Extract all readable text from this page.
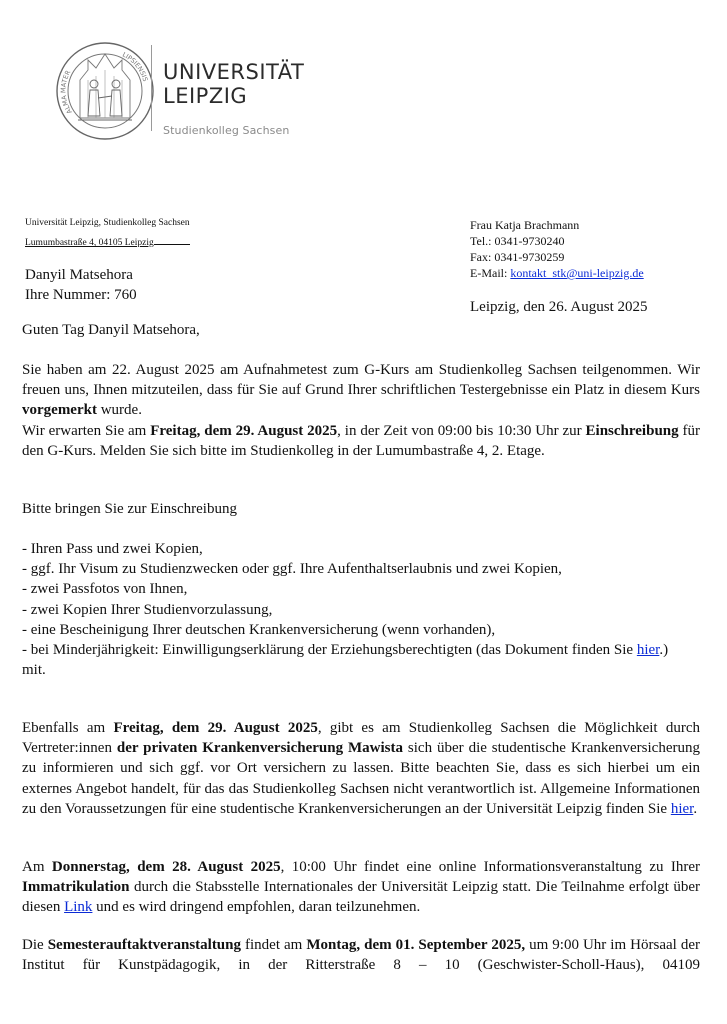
ALMA MATER
LIPSIENSIS UNIVERSITÄT
LEIPZIG
Studienkolleg Sachsen
Universität Leipzig, Studienkolleg Sachsen
Lumumbastraße 4, 04105 Leipzig
Danyil Matsehora
Ihre Nummer: 760
Frau Katja Brachmann
Tel.: 0341-9730240
Fax: 0341-9730259
E-Mail: kontakt_stk@uni-leipzig.de
Leipzig, den 26. August 2025
Guten Tag Danyil Matsehora,

Sie haben am 22. August 2025 am Aufnahmetest zum G-Kurs am Studienkolleg Sachsen teilgenommen. Wir freuen uns, Ihnen mitzuteilen, dass für Sie auf Grund Ihrer schriftlichen Testergebnisse ein Platz in diesem Kurs vorgemerkt wurde.

Wir erwarten Sie am Freitag, dem 29. August 2025, in der Zeit von 09:00 bis 10:30 Uhr zur Einschreibung für den G-Kurs. Melden Sie sich bitte im Studienkolleg in der Lumumbastraße 4, 2. Etage.

Bitte bringen Sie zur Einschreibung

- Ihren Pass und zwei Kopien,

- ggf. Ihr Visum zu Studienzwecken oder ggf. Ihre Aufenthaltserlaubnis und zwei Kopien,

- zwei Passfotos von Ihnen,

- zwei Kopien Ihrer Studienvorzulassung,

- eine Bescheinigung Ihrer deutschen Krankenversicherung (wenn vorhanden),

- bei Minderjährigkeit: Einwilligungserklärung der Erziehungsberechtigten (das Dokument finden Sie hier.)

mit.

Ebenfalls am Freitag, dem 29. August 2025, gibt es am Studienkolleg Sachsen die Möglichkeit durch Vertreter:innen der privaten Krankenversicherung Mawista sich über die studentische Krankenversicherung zu informieren und sich ggf. vor Ort versichern zu lassen. Bitte beachten Sie, dass es sich hierbei um ein externes Angebot handelt, für das das Studienkolleg Sachsen nicht verantwortlich ist. Allgemeine Informationen zu den Voraussetzungen für eine studentische Krankenversicherungen an der Universität Leipzig finden Sie hier.

Am Donnerstag, dem 28. August 2025, 10:00 Uhr findet eine online Informationsveranstaltung zu Ihrer Immatrikulation durch die Stabsstelle Internationales der Universität Leipzig statt. Die Teilnahme erfolgt über diesen Link und es wird dringend empfohlen, daran teilzunehmen.

Die Semesterauftaktveranstaltung findet am Montag, dem 01. September 2025, um 9:00 Uhr im Hörsaal der Institut für Kunstpädagogik, in der Ritterstraße 8 – 10 (Geschwister-Scholl-Haus), 04109
